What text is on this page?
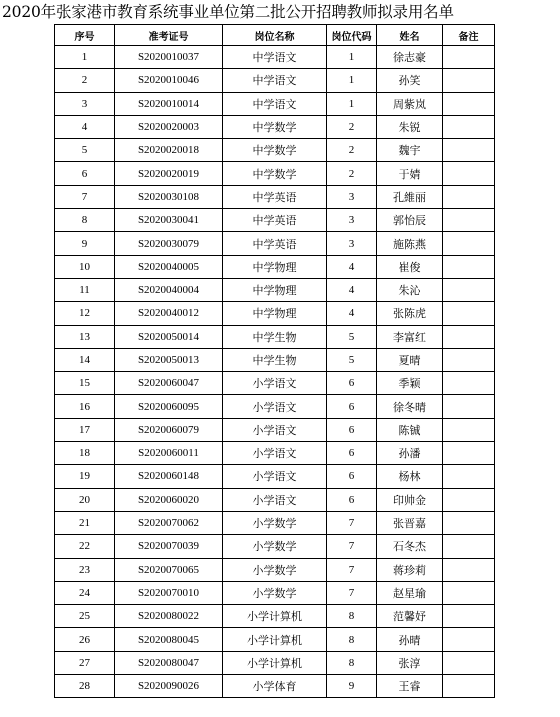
2020年张家港市教育系统事业单位第二批公开招聘教师拟录用名单
序号	准考证号	岗位名称	岗位代码	姓名	备注
1	S2020010037	中学语文	1	徐志豪	
2	S2020010046	中学语文	1	孙笑	
3	S2020010014	中学语文	1	周紫岚	
4	S2020020003	中学数学	2	朱锐	
5	S2020020018	中学数学	2	魏宇	
6	S2020020019	中学数学	2	于婧	
7	S2020030108	中学英语	3	孔維丽	
8	S2020030041	中学英语	3	郭怡辰	
9	S2020030079	中学英语	3	施陈燕	
10	S2020040005	中学物理	4	崔俊	
11	S2020040004	中学物理	4	朱沁	
12	S2020040012	中学物理	4	张陈虎	
13	S2020050014	中学生物	5	李富红	
14	S2020050013	中学生物	5	夏晴	
15	S2020060047	小学语文	6	季颖	
16	S2020060095	小学语文	6	徐冬晴	
17	S2020060079	小学语文	6	陈铖	
18	S2020060011	小学语文	6	孙潘	
19	S2020060148	小学语文	6	杨林	
20	S2020060020	小学语文	6	印帅金	
21	S2020070062	小学数学	7	张晋嘉	
22	S2020070039	小学数学	7	石冬杰	
23	S2020070065	小学数学	7	蒋珍莉	
24	S2020070010	小学数学	7	赵星瑜	
25	S2020080022	小学计算机	8	范馨妤	
26	S2020080045	小学计算机	8	孙晴	
27	S2020080047	小学计算机	8	张淳	
28	S2020090026	小学体育	9	王睿	
